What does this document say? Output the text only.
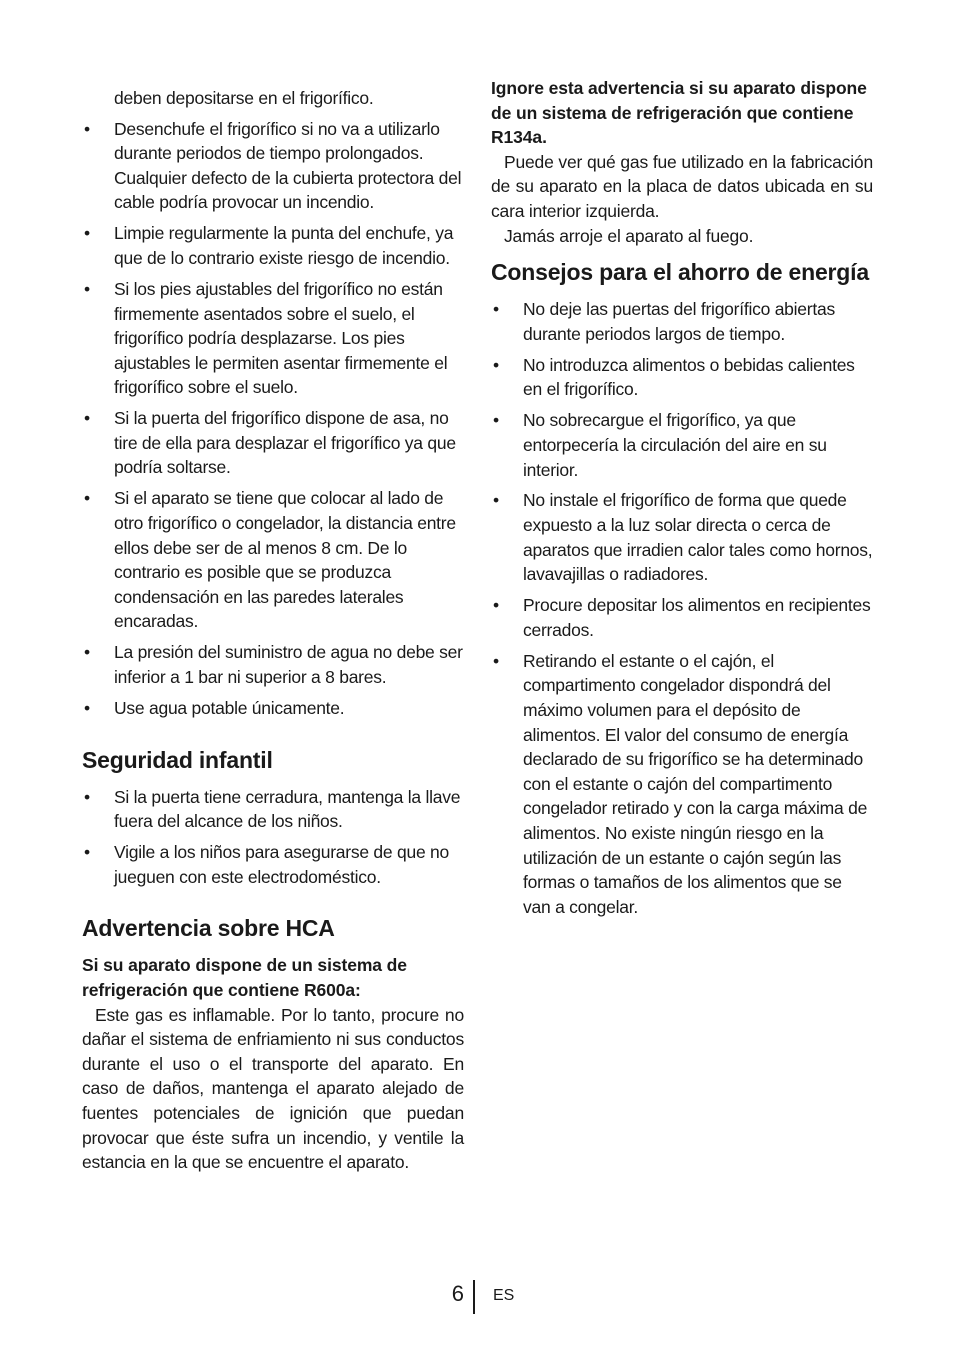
deben depositarse en el frigorífico.

• Desenchufe el frigorífico si no va a utilizarlo durante periodos de tiempo prolongados. Cualquier defecto de la cubierta protectora del cable podría provocar un incendio.
• Limpie regularmente la punta del enchufe, ya que de lo contrario existe riesgo de incendio.
• Si los pies ajustables del frigorífico no están firmemente asentados sobre el suelo, el frigorífico podría desplazarse. Los pies ajustables le permiten asentar firmemente el frigorífico sobre el suelo.
• Si la puerta del frigorífico dispone de asa, no tire de ella para desplazar el frigorífico ya que podría soltarse.
• Si el aparato se tiene que colocar al lado de otro frigorífico o congelador, la distancia entre ellos debe ser de al menos 8 cm. De lo contrario es posible que se produzca condensación en las paredes laterales encaradas.
• La presión del suministro de agua no debe ser inferior a 1 bar ni superior a 8 bares.
• Use agua potable únicamente.
Seguridad infantil
• Si la puerta tiene cerradura, mantenga la llave fuera del alcance de los niños.
• Vigile a los niños para asegurarse de que no jueguen con este electrodoméstico.
Advertencia sobre HCA

Si su aparato dispone de un sistema de refrigeración que contiene R600a:

Este gas es inflamable. Por lo tanto, procure no dañar el sistema de enfriamiento ni sus conductos durante el uso o el transporte del aparato. En caso de daños, mantenga el aparato alejado de fuentes potenciales de ignición que puedan provocar que éste sufra un incendio, y ventile la estancia en la que se encuentre el aparato.

Ignore esta advertencia si su aparato dispone de un sistema de refrigeración que contiene R134a.

Puede ver qué gas fue utilizado en la fabricación de su aparato en la placa de datos ubicada en su cara interior izquierda.

Jamás arroje el aparato al fuego.

Consejos para el ahorro de energía
• No deje las puertas del frigorífico abiertas durante periodos largos de tiempo.
• No introduzca alimentos o bebidas calientes en el frigorífico.
• No sobrecargue el frigorífico, ya que entorpecería la circulación del aire en su interior.
• No instale el frigorífico de forma que quede expuesto a la luz solar directa o cerca de aparatos que irradien calor tales como hornos, lavavajillas o radiadores.
• Procure depositar los alimentos en recipientes cerrados.
• Retirando el estante o el cajón, el compartimento congelador dispondrá del máximo volumen para el depósito de alimentos. El valor del consumo de energía declarado de su frigorífico se ha determinado con el estante o cajón del compartimento congelador retirado y con la carga máxima de alimentos. No existe ningún riesgo en la utilización de un estante o cajón según las formas o tamaños de los alimentos que se van a congelar.
6 ES
